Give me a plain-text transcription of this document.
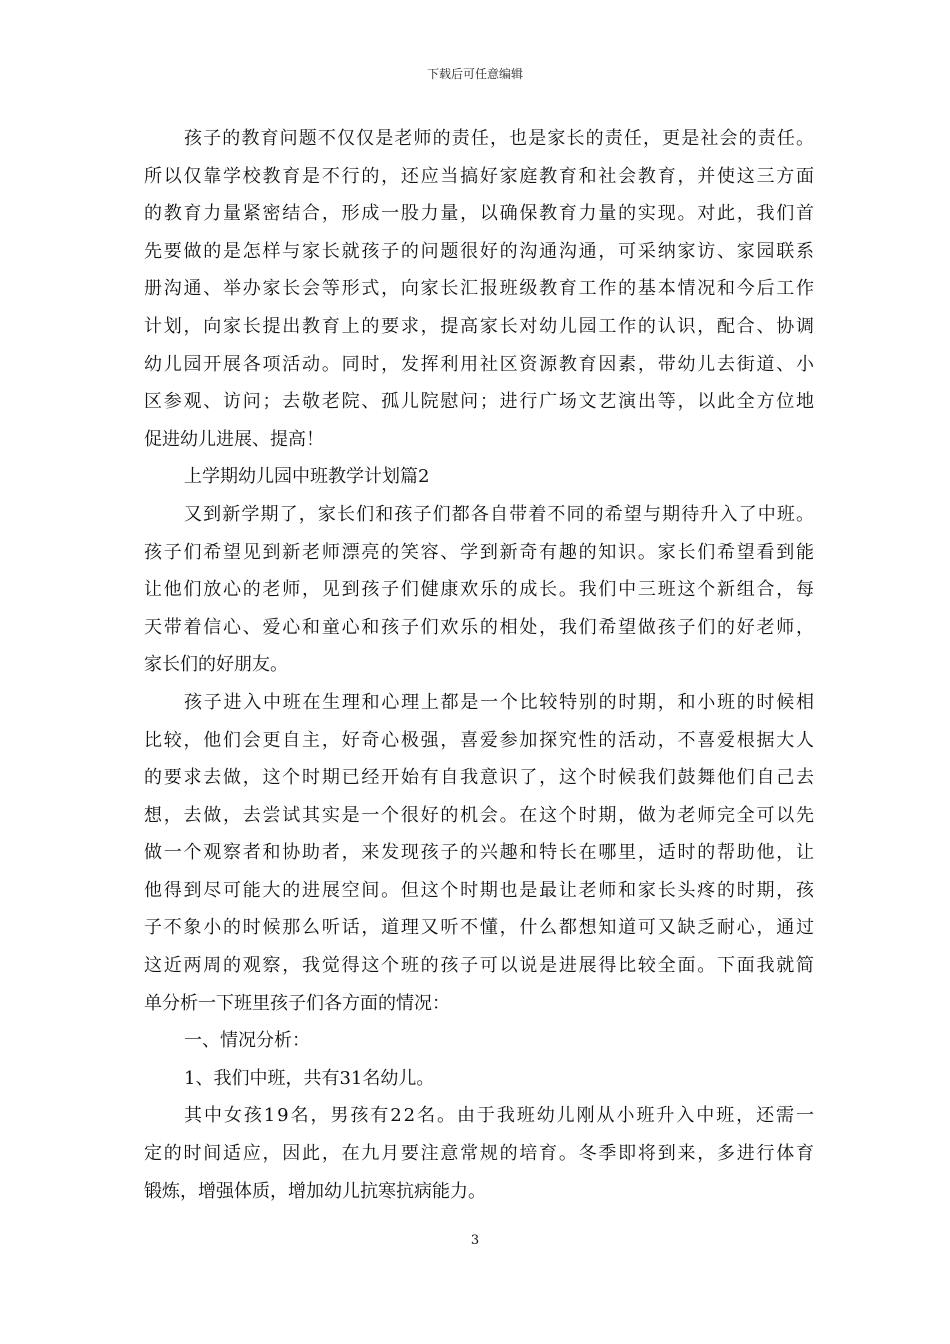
下载后可任意编辑
孩子的教育问题不仅仅是老师的责任，也是家长的责任，更是社会的责任。
所以仅靠学校教育是不行的，还应当搞好家庭教育和社会教育，并使这三方面
的教育力量紧密结合，形成一股力量，以确保教育力量的实现。对此，我们首
先要做的是怎样与家长就孩子的问题很好的沟通沟通，可采纳家访、家园联系
册沟通、举办家长会等形式，向家长汇报班级教育工作的基本情况和今后工作
计划，向家长提出教育上的要求，提高家长对幼儿园工作的认识，配合、协调
幼儿园开展各项活动。同时，发挥利用社区资源教育因素，带幼儿去街道、小
区参观、访问；去敬老院、孤儿院慰问；进行广场文艺演出等，以此全方位地
促进幼儿进展、提高！
上学期幼儿园中班教学计划篇2
又到新学期了，家长们和孩子们都各自带着不同的希望与期待升入了中班。
孩子们希望见到新老师漂亮的笑容、学到新奇有趣的知识。家长们希望看到能
让他们放心的老师，见到孩子们健康欢乐的成长。我们中三班这个新组合，每
天带着信心、爱心和童心和孩子们欢乐的相处，我们希望做孩子们的好老师，
家长们的好朋友。
孩子进入中班在生理和心理上都是一个比较特别的时期，和小班的时候相
比较，他们会更自主，好奇心极强，喜爱参加探究性的活动，不喜爱根据大人
的要求去做，这个时期已经开始有自我意识了，这个时候我们鼓舞他们自己去
想，去做，去尝试其实是一个很好的机会。在这个时期，做为老师完全可以先
做一个观察者和协助者，来发现孩子的兴趣和特长在哪里，适时的帮助他，让
他得到尽可能大的进展空间。但这个时期也是最让老师和家长头疼的时期，孩
子不象小的时候那么听话，道理又听不懂，什么都想知道可又缺乏耐心，通过
这近两周的观察，我觉得这个班的孩子可以说是进展得比较全面。下面我就简
单分析一下班里孩子们各方面的情况：
一、情况分析：
1、我们中班，共有31名幼儿。
其中女孩19名，男孩有22名。由于我班幼儿刚从小班升入中班，还需一
定的时间适应，因此，在九月要注意常规的培育。冬季即将到来，多进行体育
锻炼，增强体质，增加幼儿抗寒抗病能力。
3
